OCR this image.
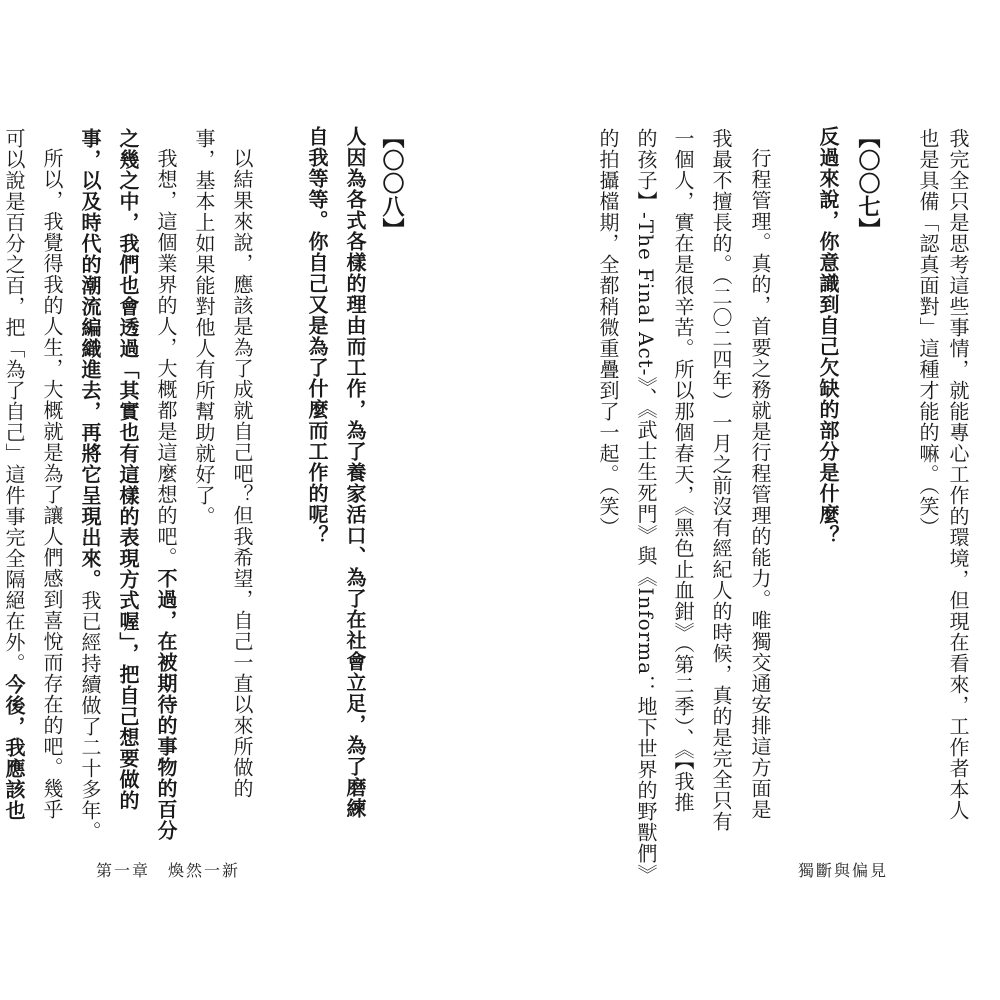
我完全只是思考這些事情，就能專心工作的環境，但現在看來，工作者本人
也是具備「認真面對」這種才能的嘛。（笑）
【〇〇七】
反過來說，你意識到自己欠缺的部分是什麼？
行程管理。真的，首要之務就是行程管理的能力。唯獨交通安排這方面是
我最不擅長的。（二〇二四年）一月之前沒有經紀人的時候，真的是完全只有
一個人，實在是很辛苦。所以那個春天，《黑色止血鉗》（第二季）、《【我推
的孩子】-The Final Act-》、《武士生死門》與《Informa：地下世界的野獸們》
的拍攝檔期，全都稍微重疊到了一起。（笑）
【〇〇八】
人因為各式各樣的理由而工作，為了養家活口、為了在社會立足，為了磨練
自我等等。你自己又是為了什麼而工作的呢？
以結果來說，應該是為了成就自己吧？但我希望，自己一直以來所做的
事，基本上如果能對他人有所幫助就好了。
我想，這個業界的人，大概都是這麼想的吧。不過，在被期待的事物的百分
之幾之中，我們也會透過「其實也有這樣的表現方式喔」，把自己想要做的
事，以及時代的潮流編織進去，再將它呈現出來。我已經持續做了二十多年。
所以，我覺得我的人生，大概就是為了讓人們感到喜悅而存在的吧。幾乎
可以說是百分之百，把「為了自己」這件事完全隔絕在外。今後，我應該也
第一章　煥然一新	獨斷與偏見
